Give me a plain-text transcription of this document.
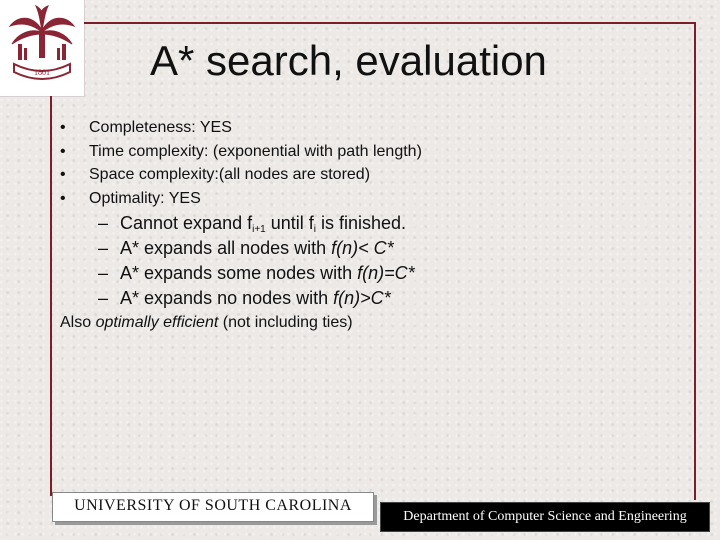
1801 A* search, evaluation
•	Completeness: YES
•	Time complexity: (exponential with path length)
•	Space complexity:(all nodes are stored)
•	Optimality: YES
– Cannot expand $f_{i+1}$ until $f_i$ is finished.
– A* expands all nodes with f(n)< C*
– A* expands some nodes with f(n)=C*
– A* expands no nodes with f(n)>C*
Also optimally efficient (not including ties)
UNIVERSITY OF SOUTH CAROLINA
Department of Computer Science and Engineering
